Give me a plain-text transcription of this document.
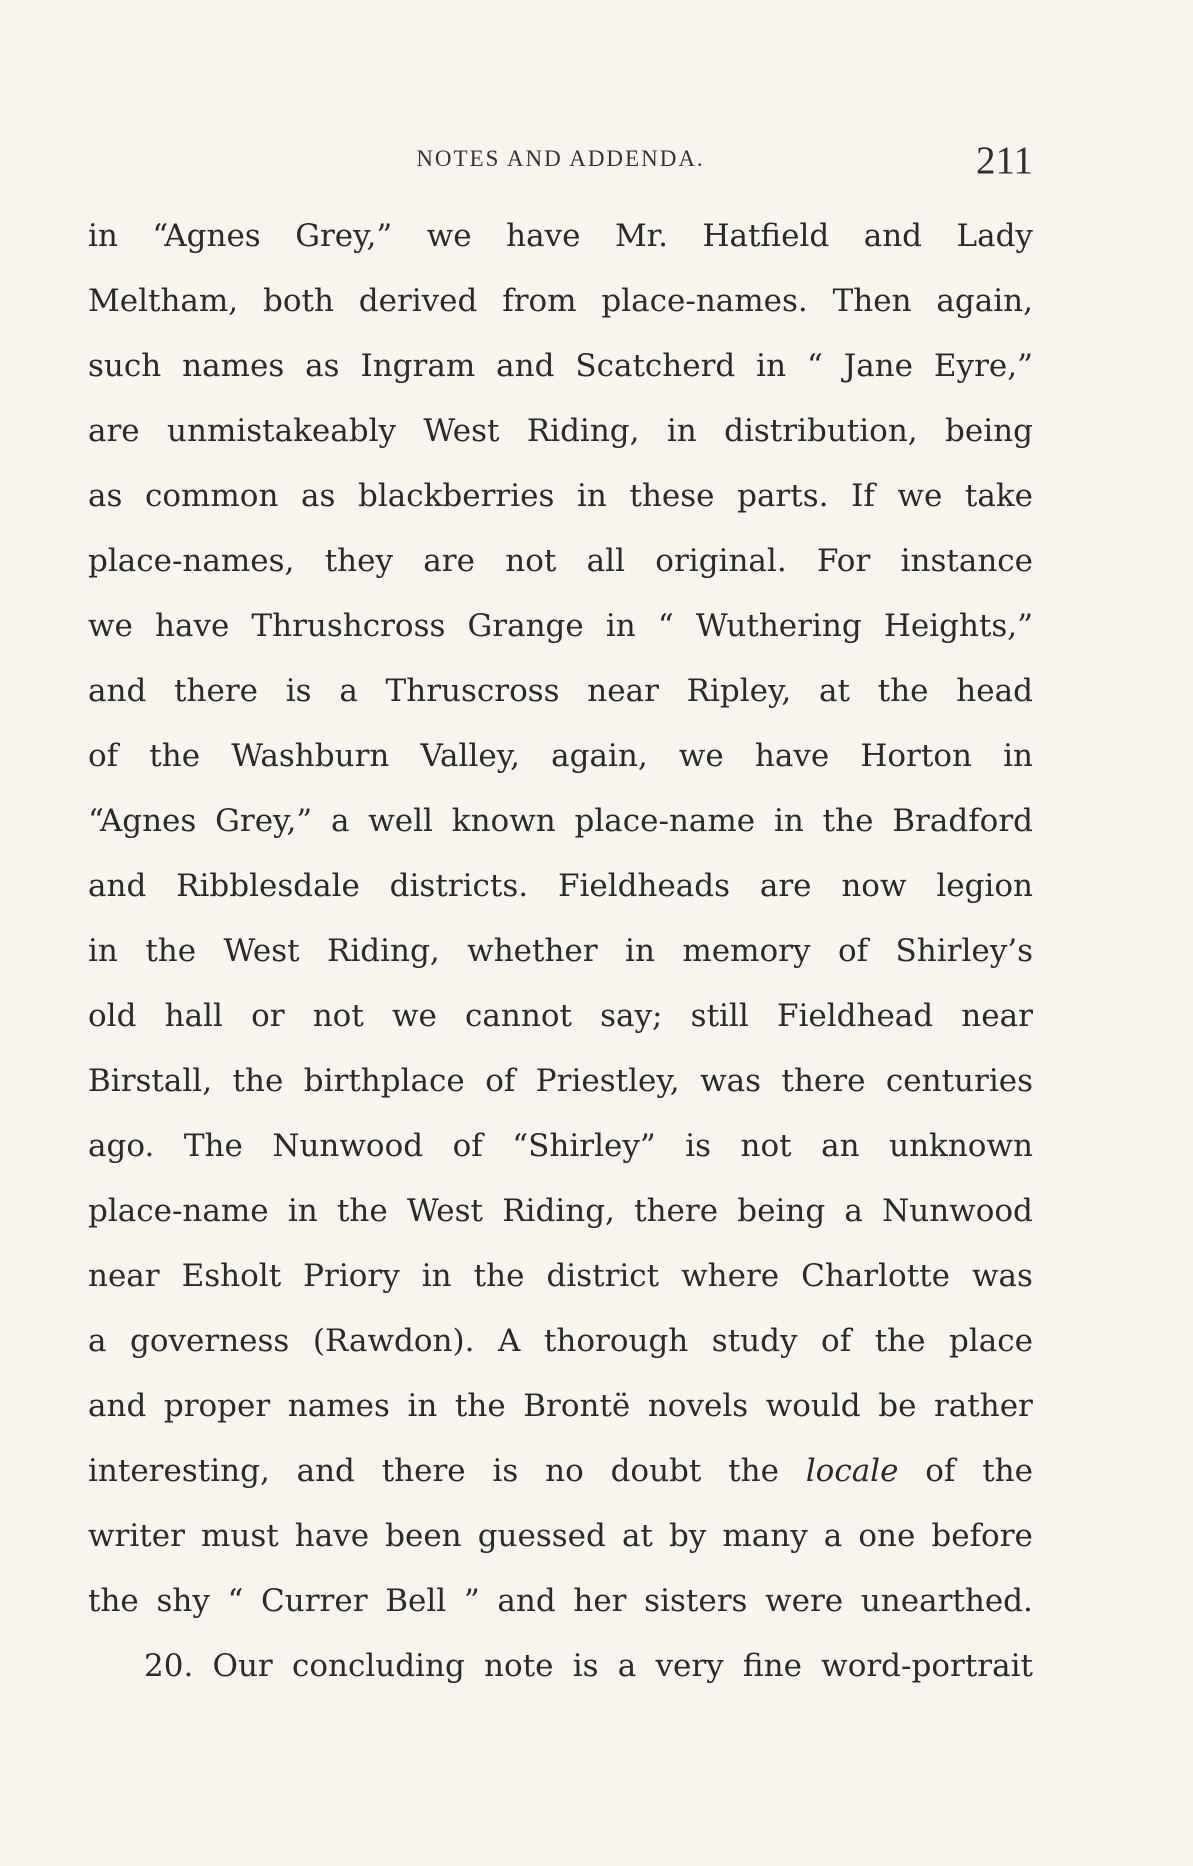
NOTES AND ADDENDA.	211
in “Agnes Grey,” we have Mr. Hatfield and Lady
Meltham, both derived from place-names. Then again,
such names as Ingram and Scatcherd in “ Jane Eyre,”
are unmistakeably West Riding, in distribution, being
as common as blackberries in these parts. If we take
place-names, they are not all original. For instance
we have Thrushcross Grange in “ Wuthering Heights,”
and there is a Thruscross near Ripley, at the head
of the Washburn Valley, again, we have Horton in
“Agnes Grey,” a well known place-name in the Bradford
and Ribblesdale districts. Fieldheads are now legion
in the West Riding, whether in memory of Shirley’s
old hall or not we cannot say; still Fieldhead near
Birstall, the birthplace of Priestley, was there centuries
ago. The Nunwood of “Shirley” is not an unknown
place-name in the West Riding, there being a Nunwood
near Esholt Priory in the district where Charlotte was
a governess (Rawdon). A thorough study of the place
and proper names in the Brontë novels would be rather
interesting, and there is no doubt the locale of the
writer must have been guessed at by many a one before
the shy “ Currer Bell ” and her sisters were unearthed.
20. Our concluding note is a very fine word-portrait
